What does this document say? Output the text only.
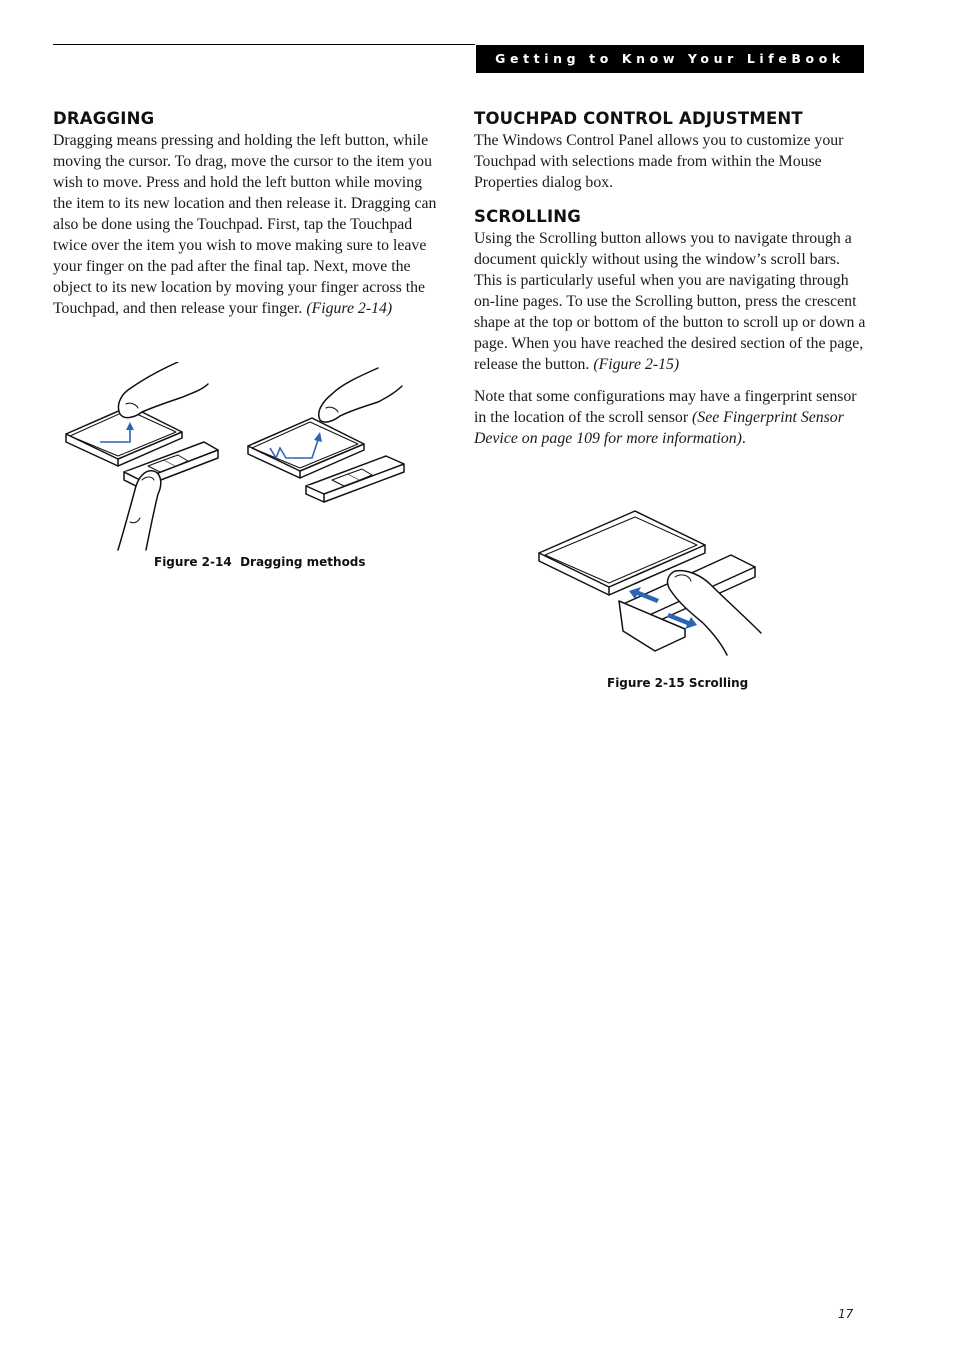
Getting to Know Your LifeBook
DRAGGING

Dragging means pressing and holding the left button, while moving the cursor. To drag, move the cursor to the item you wish to move. Press and hold the left button while moving the item to its new location and then release it. Dragging can also be done using the Touchpad. First, tap the Touchpad twice over the item you wish to move making sure to leave your finger on the pad after the final tap. Next, move the object to its new location by moving your finger across the Touchpad, and then release your finger. (Figure 2-14)

Figure 2-14  Dragging methods
TOUCHPAD CONTROL ADJUSTMENT

The Windows Control Panel allows you to customize your Touchpad with selections made from within the Mouse Properties dialog box.

SCROLLING

Using the Scrolling button allows you to navigate through a document quickly without using the window’s scroll bars. This is particularly useful when you are navigating through on-line pages. To use the Scrolling button, press the crescent shape at the top or bottom of the button to scroll up or down a page. When you have reached the desired section of the page, release the button. (Figure 2-15)

Note that some configurations may have a fingerprint sensor in the location of the scroll sensor (See Fingerprint Sensor Device on page 109 for more information).

Figure 2-15 Scrolling
17
